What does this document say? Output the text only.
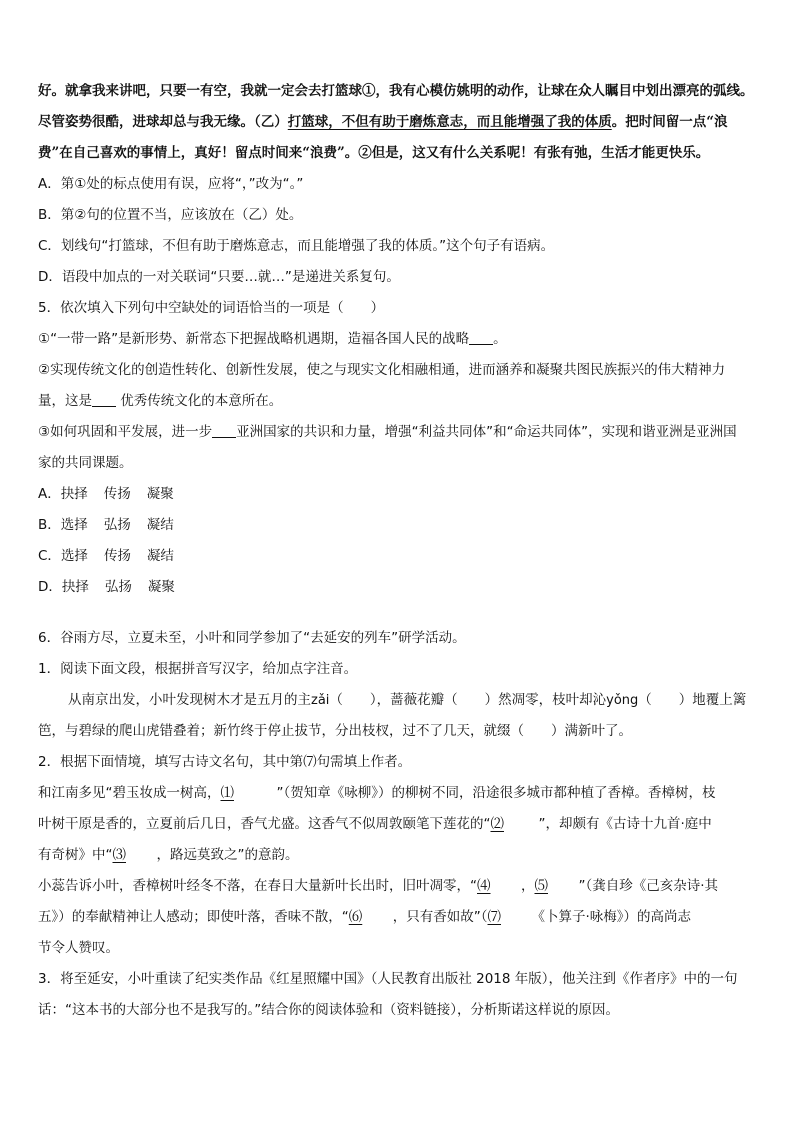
好。就拿我来讲吧，只要一有空，我就一定会去打篮球①，我有心模仿姚明的动作，让球在众人瞩目中划出漂亮的弧线。
尽管姿势很酷，进球却总与我无缘。（乙）打篮球，不但有助于磨炼意志，而且能增强了我的体质。把时间留一点“浪
费”在自己喜欢的事情上，真好！留点时间来“浪费”。②但是，这又有什么关系呢！有张有弛，生活才能更快乐。
A．第①处的标点使用有误，应将“，”改为“。”
B．第②句的位置不当，应该放在（乙）处。
C．划线句“打篮球，不但有助于磨炼意志，而且能增强了我的体质。”这个句子有语病。
D．语段中加点的一对关联词“只要…就…”是递进关系复句。
5．依次填入下列句中空缺处的词语恰当的一项是（　　）
①“一带一路”是新形势、新常态下把握战略机遇期，造福各国人民的战略 。
②实现传统文化的创造性转化、创新性发展，使之与现实文化相融相通，进而涵养和凝聚共图民族振兴的伟大精神力
量，这是 优秀传统文化的本意所在。
③如何巩固和平发展，进一步 亚洲国家的共识和力量，增强“利益共同体”和“命运共同体”，实现和谐亚洲是亚洲国
家的共同课题。
A．抉择 传扬 凝聚
B．选择 弘扬 凝结
C．选择 传扬 凝结
D．抉择 弘扬 凝聚
6．谷雨方尽，立夏未至，小叶和同学参加了“去延安的列车”研学活动。
1．阅读下面文段，根据拼音写汉字，给加点字注音。
从南京出发，小叶发现树木才是五月的主zǎi（　　），蔷薇花瓣（　　）然凋零，枝叶却沁yǒng（　　）地覆上篱
笆，与碧绿的爬山虎错叠着；新竹终于停止拔节，分出枝杈，过不了几天，就缀（　　）满新叶了。
2．根据下面情境，填写古诗文名句，其中第⑺句需填上作者。
和江南多见“碧玉妆成一树高，⑴	”（贺知章《咏柳》）的柳树不同，沿途很多城市都种植了香樟。香樟树，枝
叶树干原是香的，立夏前后几日，香气尤盛。这香气不似周敦颐笔下莲花的“⑵	”，却颇有《古诗十九首·庭中
有奇树》中“⑶ ，路远莫致之”的意韵。
小蕊告诉小叶，香樟树叶经冬不落，在春日大量新叶长出时，旧叶凋零，“⑷ ，⑸ ”（龚自珍《己亥杂诗·其
五》）的奉献精神让人感动；即使叶落，香味不散，“⑹ ，只有香如故”（⑺ 《卜算子·咏梅》）的高尚志
节令人赞叹。
3．将至延安，小叶重读了纪实类作品《红星照耀中国》（人民教育出版社 2018 年版），他关注到《作者序》中的一句
话：“这本书的大部分也不是我写的。”结合你的阅读体验和（资料链接），分析斯诺这样说的原因。
